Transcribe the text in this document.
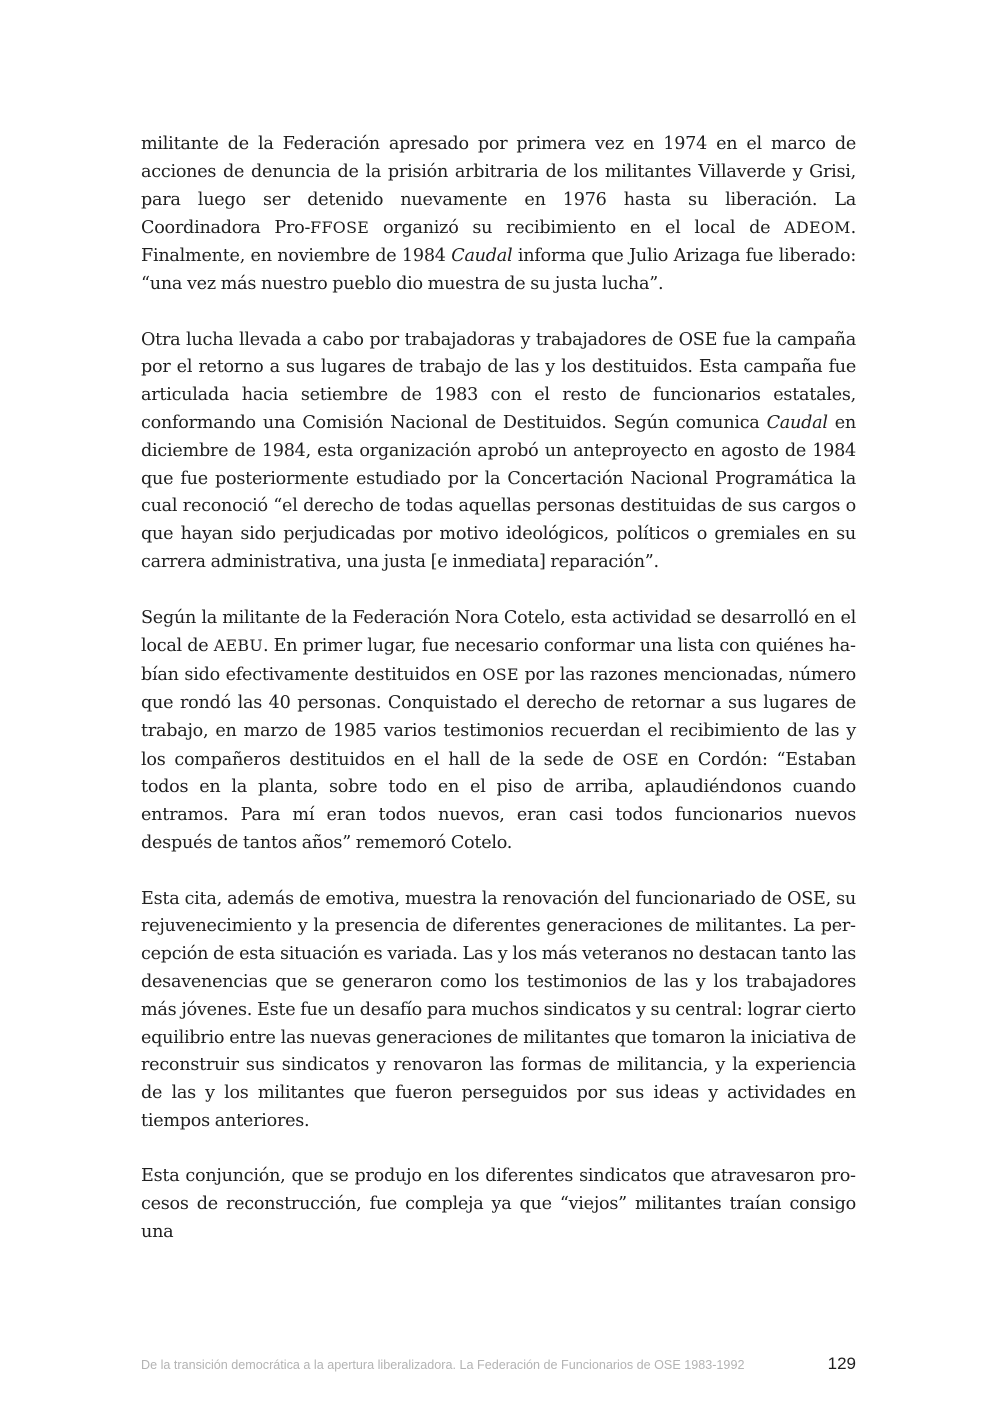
militante de la Federación apresado por primera vez en 1974 en el marco de acciones de denuncia de la prisión arbitraria de los militantes Villaverde y Grisi, para luego ser detenido nuevamente en 1976 hasta su liberación. La Coordinadora Pro-FFOSE organizó su recibimiento en el local de ADEOM. Finalmente, en noviembre de 1984 Caudal informa que Julio Arizaga fue liberado: “una vez más nuestro pueblo dio muestra de su justa lucha”.

Otra lucha llevada a cabo por trabajadoras y trabajadores de OSE fue la campaña por el retorno a sus lugares de trabajo de las y los destituidos. Esta campaña fue articulada hacia setiembre de 1983 con el resto de funcionarios estatales, conformando una Comisión Nacional de Destituidos. Según comunica Caudal en diciembre de 1984, esta organización aprobó un anteproyecto en agosto de 1984 que fue posteriormente estudiado por la Concertación Nacional Programática la cual reconoció “el derecho de todas aquellas personas destituidas de sus cargos o que hayan sido perjudicadas por motivo ideológicos, políticos o gremiales en su carrera administrativa, una justa [e inmediata] reparación”.

Según la militante de la Federación Nora Cotelo, esta actividad se desarrolló en el local de AEBU. En primer lugar, fue necesario conformar una lista con quiénes habían sido efectivamente destituidos en OSE por las razones mencionadas, número que rondó las 40 personas. Conquistado el derecho de retornar a sus lugares de trabajo, en marzo de 1985 varios testimonios recuerdan el recibimiento de las y los compañeros destituidos en el hall de la sede de OSE en Cordón: “Estaban todos en la planta, sobre todo en el piso de arriba, aplaudiéndonos cuando entramos. Para mí eran todos nuevos, eran casi todos funcionarios nuevos después de tantos años” rememoró Cotelo.

Esta cita, además de emotiva, muestra la renovación del funcionariado de OSE, su rejuvenecimiento y la presencia de diferentes generaciones de militantes. La percepción de esta situación es variada. Las y los más veteranos no destacan tanto las desavenencias que se generaron como los testimonios de las y los trabajadores más jóvenes. Este fue un desafío para muchos sindicatos y su central: lograr cierto equilibrio entre las nuevas generaciones de militantes que tomaron la iniciativa de reconstruir sus sindicatos y renovaron las formas de militancia, y la experiencia de las y los militantes que fueron perseguidos por sus ideas y actividades en tiempos anteriores.

Esta conjunción, que se produjo en los diferentes sindicatos que atravesaron procesos de reconstrucción, fue compleja ya que “viejos” militantes traían consigo una

De la transición democrática a la apertura liberalizadora. La Federación de Funcionarios de OSE 1983-1992	129
